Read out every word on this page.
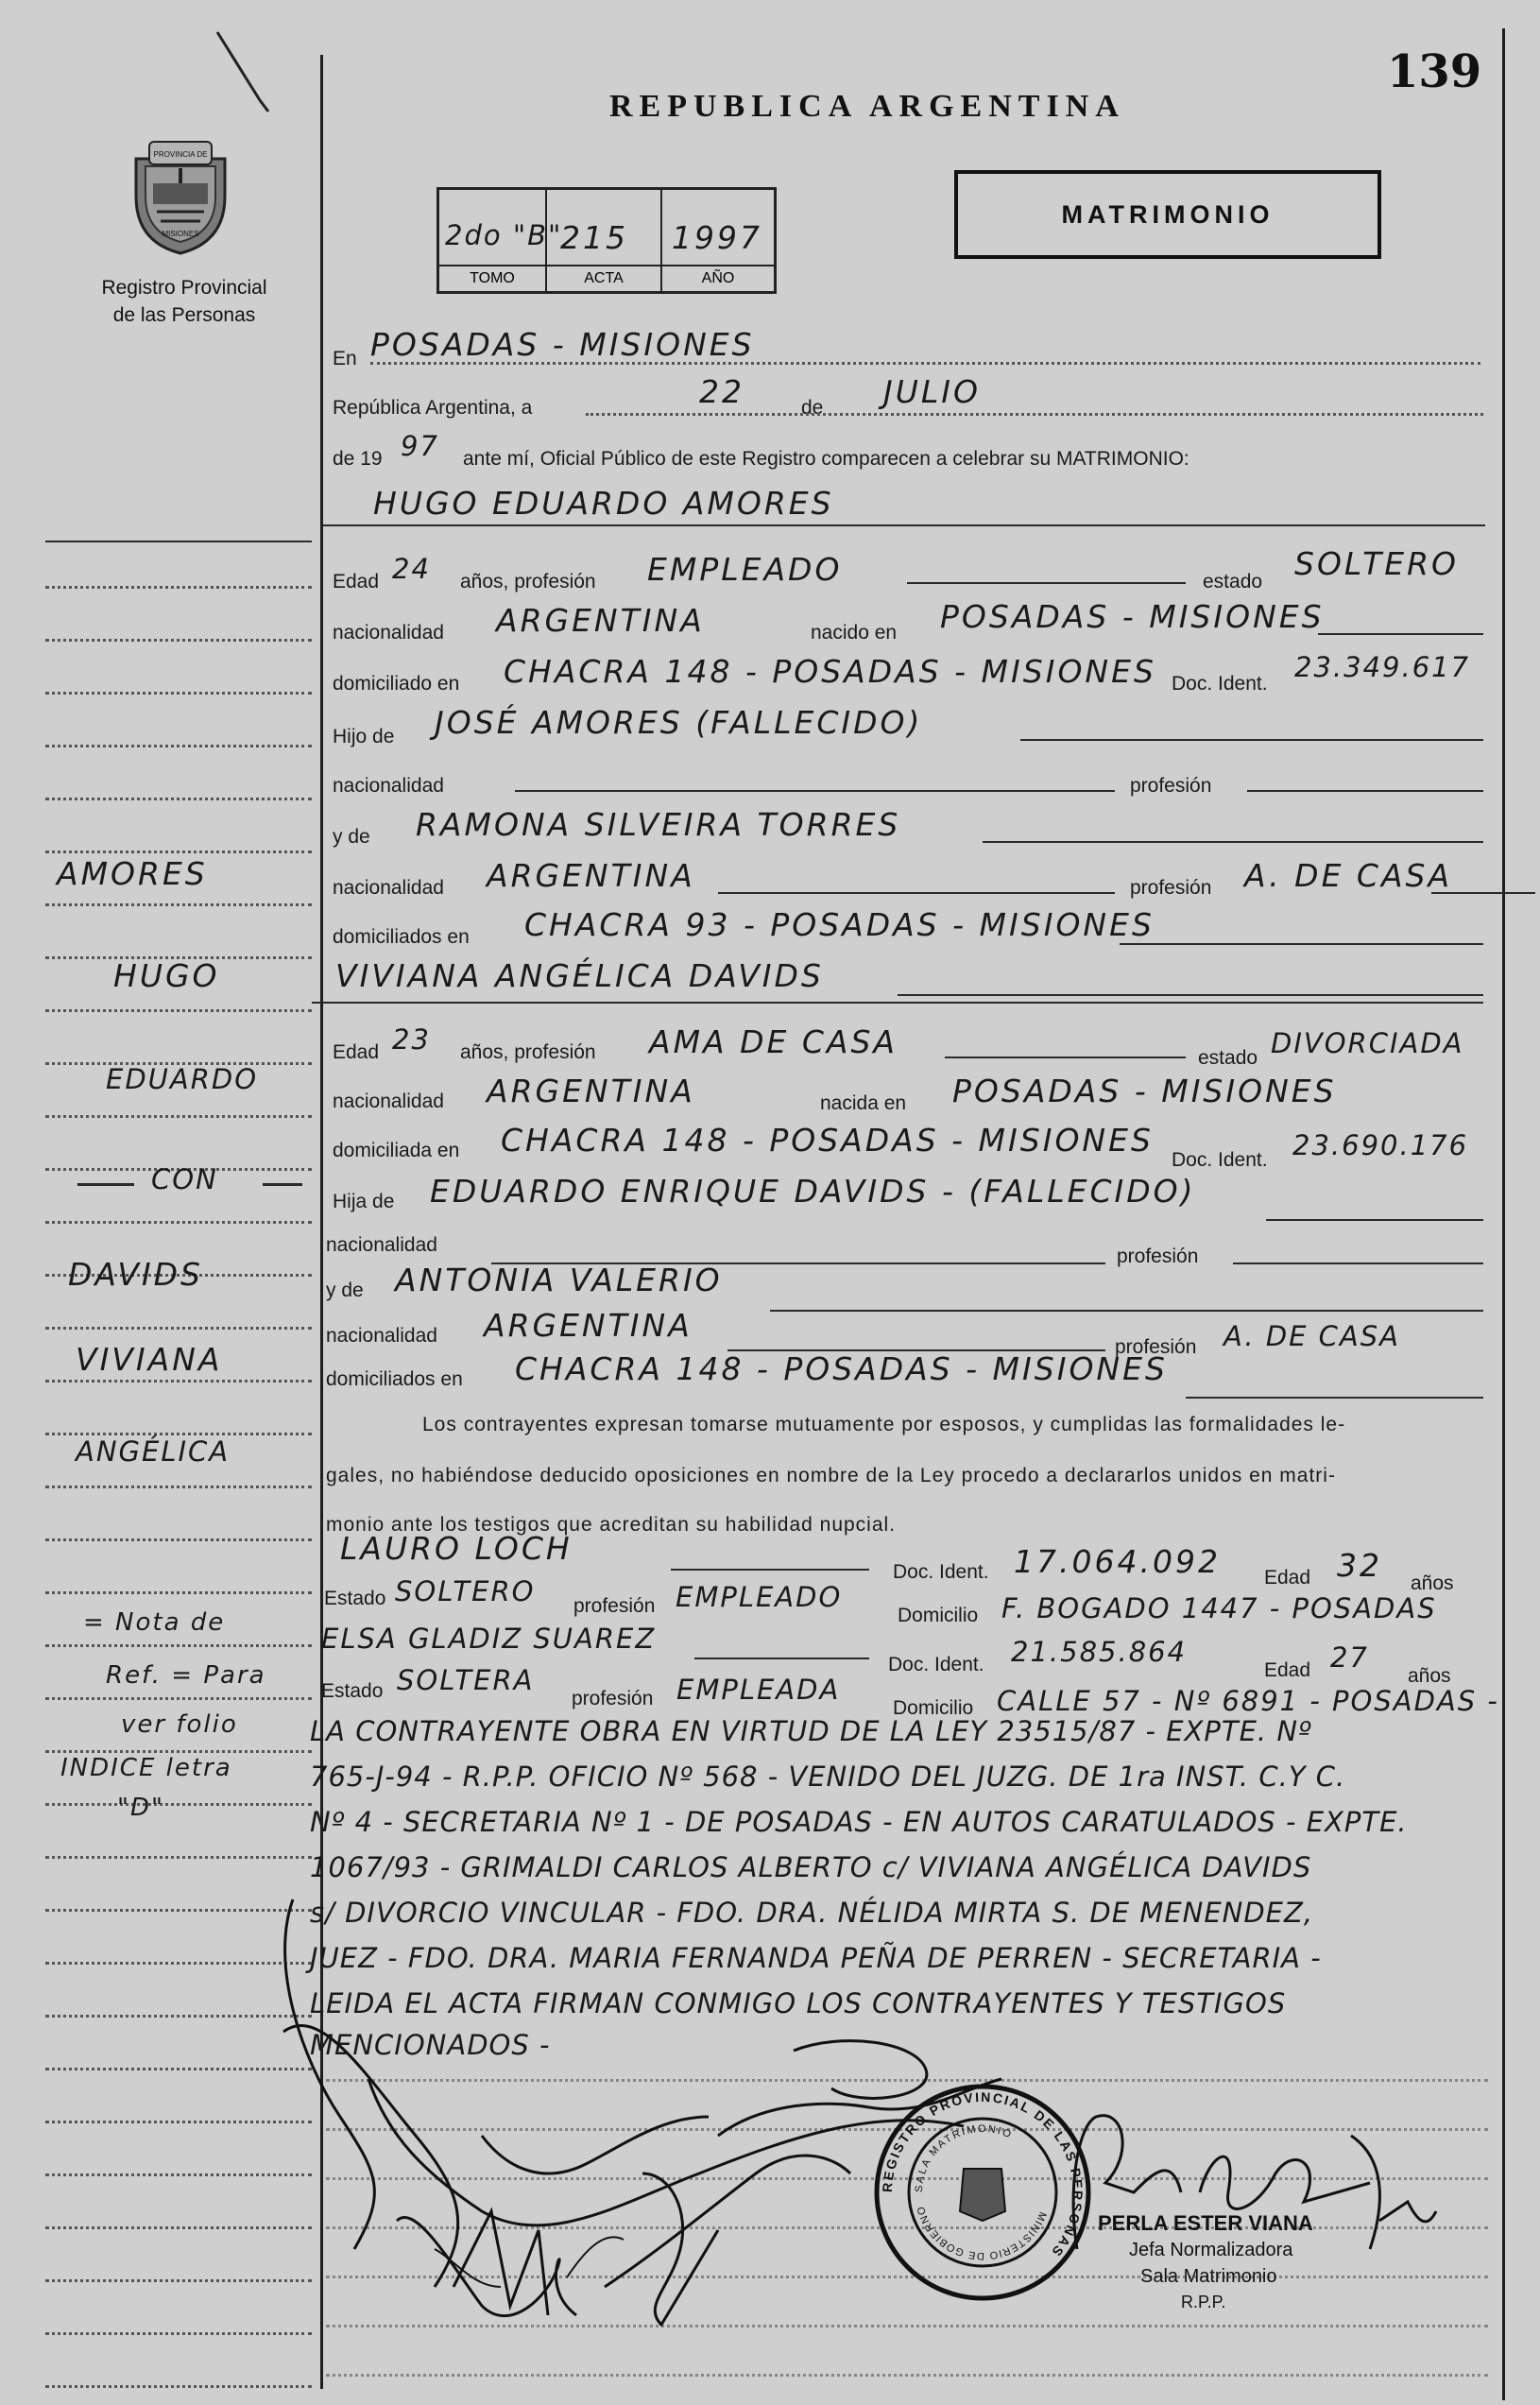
139
REPUBLICA ARGENTINA
PROVINCIA DE
MISIONES
Registro Provincial
de las Personas
2do "B"
TOMO
215
ACTA
1997
AÑO
MATRIMONIO
En POSADAS - MISIONES
República Argentina, a	22	de JULIO
de 19 97 ante mí, Oficial Público de este Registro comparecen a celebrar su MATRIMONIO:
HUGO EDUARDO AMORES
Edad 24 años, profesión EMPLEADO	estado SOLTERO
nacionalidad ARGENTINA	nacido en POSADAS - MISIONES
domiciliado en CHACRA 148 - POSADAS - MISIONES Doc. Ident.
23.349.617
Hijo de JOSÉ AMORES (FALLECIDO)
nacionalidad	profesión
y de RAMONA SILVEIRA TORRES
nacionalidad ARGENTINA	profesión A. DE CASA
domiciliados en CHACRA 93 - POSADAS - MISIONES
VIVIANA ANGÉLICA DAVIDS
Edad 23 años, profesión AMA DE CASA	estado DIVORCIADA
nacionalidad ARGENTINA	nacida en POSADAS - MISIONES
domiciliada en CHACRA 148 - POSADAS - MISIONES
Doc. Ident. 23.690.176
Hija de EDUARDO ENRIQUE DAVIDS - (FALLECIDO)
nacionalidad
profesión
y de ANTONIA VALERIO
nacionalidad ARGENTINA
profesión A. DE CASA
domiciliados en CHACRA 148 - POSADAS - MISIONES
Los contrayentes expresan tomarse mutuamente por esposos, y cumplidas las formalidades le-
gales, no habiéndose deducido oposiciones en nombre de la Ley procedo a declararlos unidos en matri-
monio ante los testigos que acreditan su habilidad nupcial.
LAURO LOCH
Doc. Ident. 17.064.092 Edad 32 años
Estado SOLTERO profesión EMPLEADO
Domicilio F. BOGADO 1447 - POSADAS
ELSA GLADIZ SUAREZ
Doc. Ident. 21.585.864
Edad 27
años
Estado SOLTERA
profesión EMPLEADA
Domicilio CALLE 57 - Nº 6891 - POSADAS -
LA CONTRAYENTE OBRA EN VIRTUD DE LA LEY 23515/87 - EXPTE. Nº
765-J-94 - R.P.P. OFICIO Nº 568 - VENIDO DEL JUZG. DE 1ra INST. C.Y C.
Nº 4 - SECRETARIA Nº 1 - DE POSADAS - EN AUTOS CARATULADOS - EXPTE.
1067/93 - GRIMALDI CARLOS ALBERTO c/ VIVIANA ANGÉLICA DAVIDS
s/ DIVORCIO VINCULAR - FDO. DRA. NÉLIDA MIRTA S. DE MENENDEZ,
JUEZ - FDO. DRA. MARIA FERNANDA PEÑA DE PERREN - SECRETARIA -
LEIDA EL ACTA FIRMAN CONMIGO LOS CONTRAYENTES Y TESTIGOS
MENCIONADOS -
AMORES
HUGO
EDUARDO
CON
DAVIDS
VIVIANA
ANGÉLICA
= Nota de
Ref. = Para
ver folio
INDICE letra
"D"
REGISTRO PROVINCIAL DE LAS PERSONAS
SALA MATRIMONIO
MINISTERIO DE GOBIERNO
PERLA ESTER VIANA
Jefa Normalizadora
Sala Matrimonio
R.P.P.
